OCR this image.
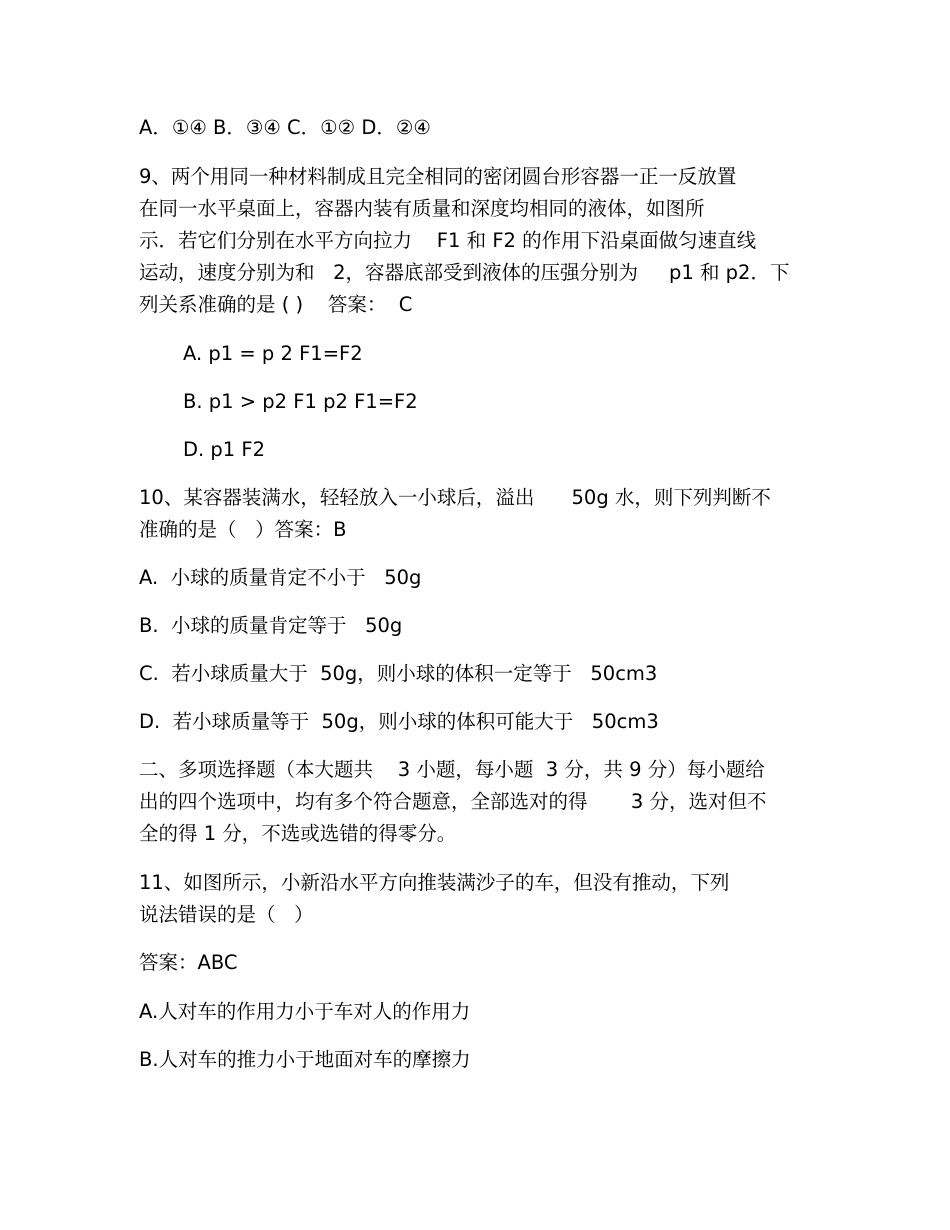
A．①④ B．③④ C．①② D．②④
9、两个用同一种材料制成且完全相同的密闭圆台形容器一正一反放置
在同一水平桌面上，容器内装有质量和深度均相同的液体，如图所
示．若它们分别在水平方向拉力    F1 和 F2 的作用下沿桌面做匀速直线
运动，速度分别为和   2，容器底部受到液体的压强分别为     p1 和 p2．下
列关系准确的是 ( )    答案：  C
A. p1 = p 2 F1=F2
B. p1 > p2 F1 p2 F1=F2
D. p1 F2
10、某容器装满水，轻轻放入一小球后，溢出      50g 水，则下列判断不
准确的是（   ）答案：B
A.  小球的质量肯定不小于   50g
B.  小球的质量肯定等于   50g
C.  若小球质量大于  50g，则小球的体积一定等于   50cm3
D.  若小球质量等于  50g，则小球的体积可能大于   50cm3
二、多项选择题（本大题共    3 小题，每小题  3 分，共 9 分）每小题给
出的四个选项中，均有多个符合题意，全部选对的得       3 分，选对但不
全的得 1 分，不选或选错的得零分。
11、如图所示，小新沿水平方向推装满沙子的车，但没有推动，下列
说法错误的是（   ）
答案：ABC
A.人对车的作用力小于车对人的作用力
B.人对车的推力小于地面对车的摩擦力
